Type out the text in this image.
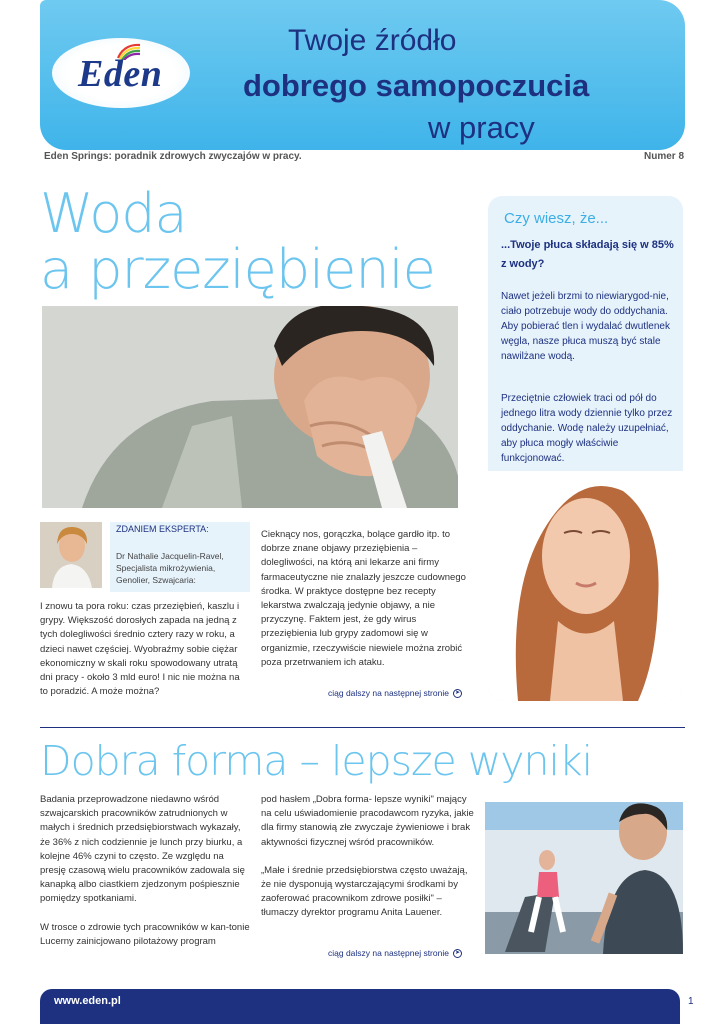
Eden
Twoje źródło
dobrego samopoczucia
w pracy
Eden Springs: poradnik zdrowych zwyczajów w pracy.	Numer 8
Woda
a przeziębienie
Czy wiesz, że...
...Twoje płuca składają się w 85% z wody?
Nawet jeżeli brzmi to niewiarygod-nie, ciało potrzebuje wody do oddychania. Aby pobierać tlen i wydalać dwutlenek węgla, nasze płuca muszą być stale nawilżane wodą.
Przeciętnie człowiek traci od pół do jednego litra wody dziennie tylko przez oddychanie. Wodę należy uzupełniać, aby płuca mogły właściwie funkcjonować.
ZDANIEM EKSPERTA:
Dr Nathalie Jacquelin-Ravel,
Specjalista mikrożywienia,
Genolier, Szwajcaria:
I znowu ta pora roku: czas przeziębień, kaszlu i grypy. Większość dorosłych zapada na jedną z tych dolegliwości średnio cztery razy w roku, a dzieci nawet częściej. Wyobraźmy sobie ciężar ekonomiczny w skali roku spowodowany utratą dni pracy - około 3 mld euro! I nic nie można na to poradzić. A może można?
Cieknący nos, gorączka, bolące gardło itp. to dobrze znane objawy przeziębienia – dolegliwości, na którą ani lekarze ani firmy farmaceutyczne nie znalazły jeszcze cudownego środka. W praktyce dostępne bez recepty lekarstwa zwalczają jedynie objawy, a nie przyczynę. Faktem jest, że gdy wirus przeziębienia lub grypy zadomowi się w organizmie, rzeczywiście niewiele można zrobić poza przetrwaniem ich ataku.
ciąg dalszy na następnej stronie ➤
Dobra forma – lepsze wyniki

Badania przeprowadzone niedawno wśród szwajcarskich pracowników zatrudnionych w małych i średnich przedsiębiorstwach wykazały, że 36% z nich codziennie je lunch przy biurku, a kolejne 46% czyni to często. Ze względu na presję czasową wielu pracowników zadowala się kanapką albo ciastkiem zjedzonym pośpiesznie pomiędzy spotkaniami.

W trosce o zdrowie tych pracowników w kan-tonie Lucerny zainicjowano pilotażowy program

pod hasłem „Dobra forma- lepsze wyniki" mający na celu uświadomienie pracodawcom ryzyka, jakie dla firmy stanowią złe zwyczaje żywieniowe i brak aktywności fizycznej wśród pracowników.

„Małe i średnie przedsiębiorstwa często uważają, że nie dysponują wystarczającymi środkami by zaoferować pracownikom zdrowe posiłki" – tłumaczy dyrektor programu Anita Lauener.

ciąg dalszy na następnej stronie ➤
www.eden.pl	1
